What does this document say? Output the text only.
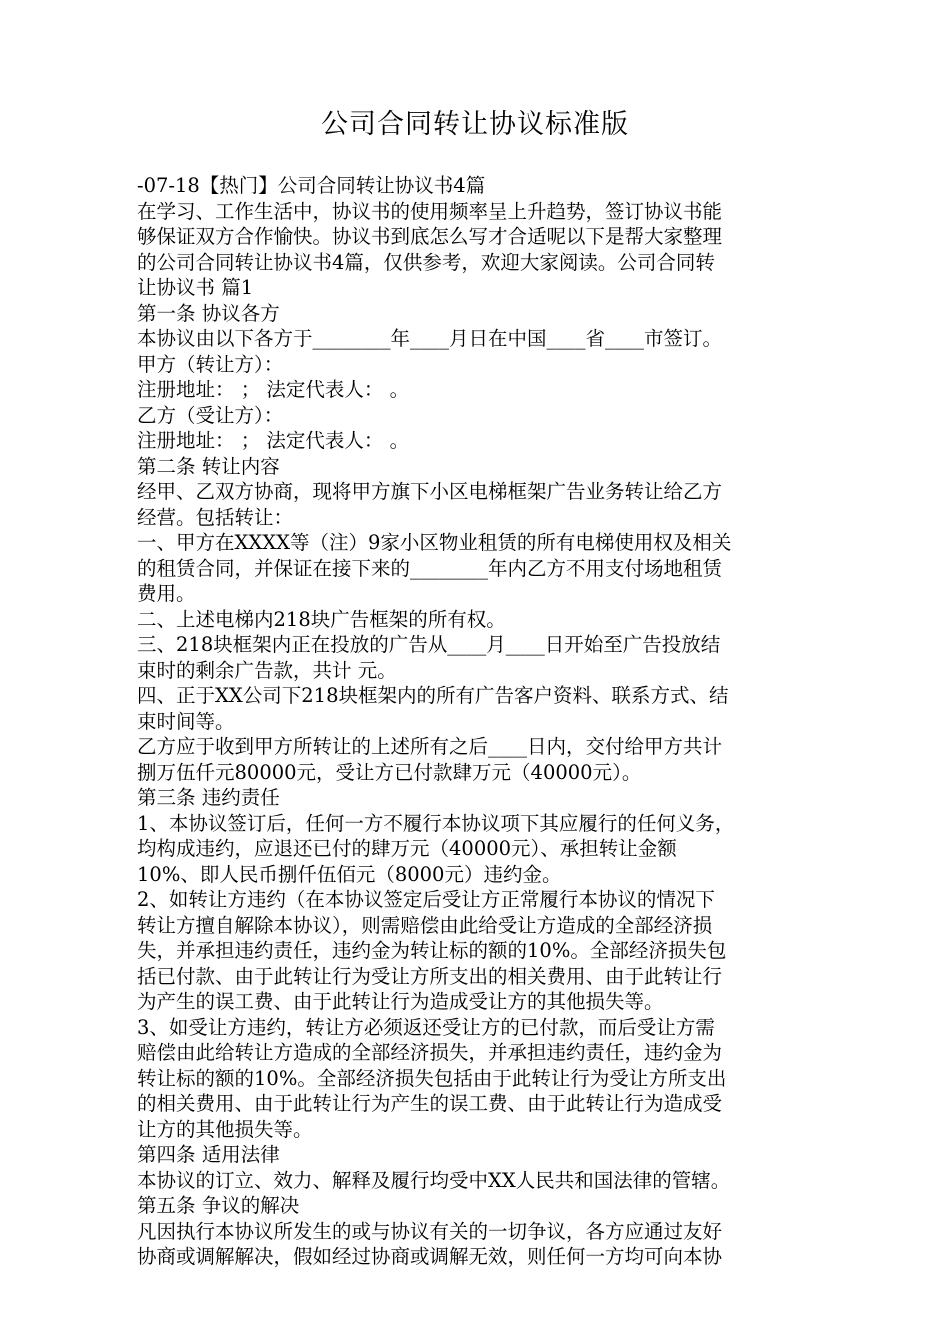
公司合同转让协议标准版
-07-18【热门】公司合同转让协议书4篇
在学习、工作生活中，协议书的使用频率呈上升趋势，签订协议书能
够保证双方合作愉快。协议书到底怎么写才合适呢以下是帮大家整理
的公司合同转让协议书4篇，仅供参考，欢迎大家阅读。公司合同转
让协议书 篇1
第一条 协议各方
本协议由以下各方于________年____月日在中国____省____市签订。
甲方（转让方）：
注册地址： ； 法定代表人： 。
乙方（受让方）：
注册地址： ； 法定代表人： 。
第二条 转让内容
经甲、乙双方协商，现将甲方旗下小区电梯框架广告业务转让给乙方
经营。包括转让：
一、甲方在XXXX等（注）9家小区物业租赁的所有电梯使用权及相关
的租赁合同，并保证在接下来的________年内乙方不用支付场地租赁
费用。
二、上述电梯内218块广告框架的所有权。
三、218块框架内正在投放的广告从____月____日开始至广告投放结
束时的剩余广告款，共计 元。
四、正于XX公司下218块框架内的所有广告客户资料、联系方式、结
束时间等。
乙方应于收到甲方所转让的上述所有之后____日内，交付给甲方共计
捌万伍仟元80000元，受让方已付款肆万元（40000元）。
第三条 违约责任
1、本协议签订后，任何一方不履行本协议项下其应履行的任何义务，
均构成违约，应退还已付的肆万元（40000元）、承担转让金额
10%、即人民币捌仟伍佰元（8000元）违约金。
2、如转让方违约（在本协议签定后受让方正常履行本协议的情况下
转让方擅自解除本协议），则需赔偿由此给受让方造成的全部经济损
失，并承担违约责任，违约金为转让标的额的10%。全部经济损失包
括已付款、由于此转让行为受让方所支出的相关费用、由于此转让行
为产生的误工费、由于此转让行为造成受让方的其他损失等。
3、如受让方违约，转让方必须返还受让方的已付款，而后受让方需
赔偿由此给转让方造成的全部经济损失，并承担违约责任，违约金为
转让标的额的10%。全部经济损失包括由于此转让行为受让方所支出
的相关费用、由于此转让行为产生的误工费、由于此转让行为造成受
让方的其他损失等。
第四条 适用法律
本协议的订立、效力、解释及履行均受中XX人民共和国法律的管辖。
第五条 争议的解决
凡因执行本协议所发生的或与协议有关的一切争议，各方应通过友好
协商或调解解决，假如经过协商或调解无效，则任何一方均可向本协
